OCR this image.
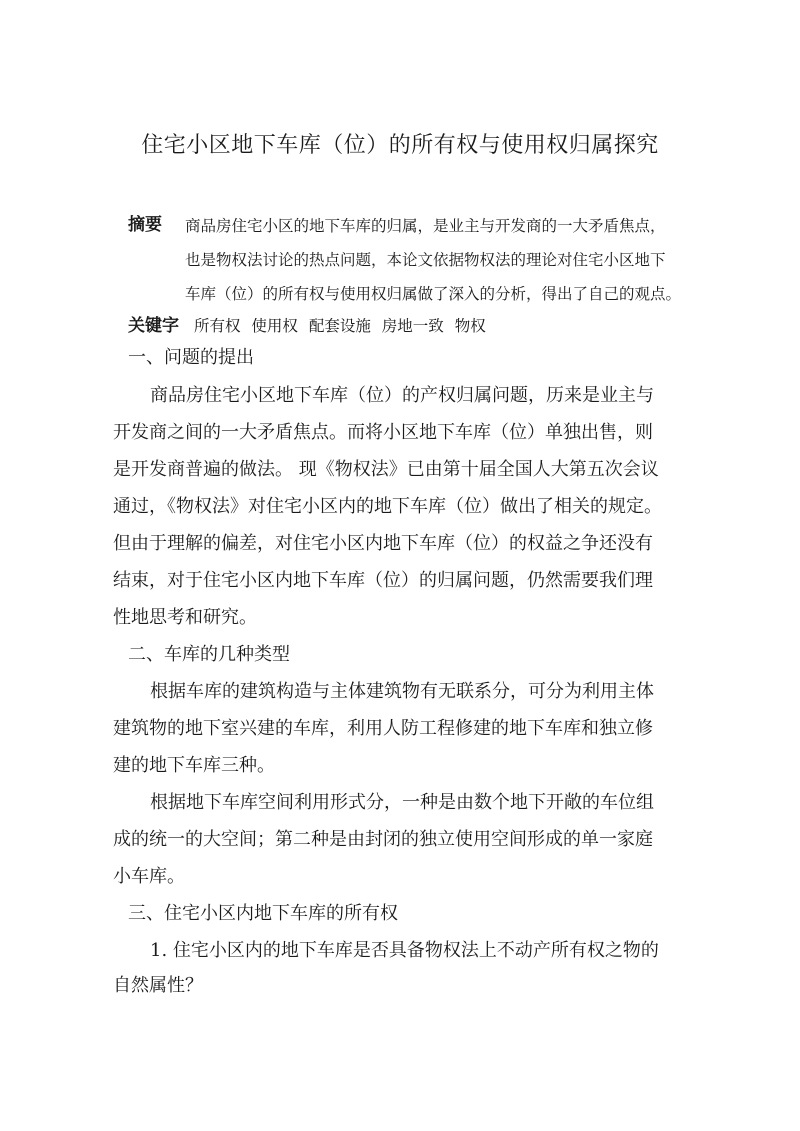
住宅小区地下车库（位）的所有权与使用权归属探究
摘要 商品房住宅小区的地下车库的归属，是业主与开发商的一大矛盾焦点，
也是物权法讨论的热点问题，本论文依据物权法的理论对住宅小区地下
车库（位）的所有权与使用权归属做了深入的分析，得出了自己的观点。
关键字 所有权 使用权 配套设施 房地一致 物权
一、问题的提出
商品房住宅小区地下车库（位）的产权归属问题，历来是业主与
开发商之间的一大矛盾焦点。而将小区地下车库（位）单独出售，则
是开发商普遍的做法。 现《物权法》已由第十届全国人大第五次会议
通过，《物权法》对住宅小区内的地下车库（位）做出了相关的规定。
但由于理解的偏差，对住宅小区内地下车库（位）的权益之争还没有
结束，对于住宅小区内地下车库（位）的归属问题，仍然需要我们理
性地思考和研究。
二、车库的几种类型
根据车库的建筑构造与主体建筑物有无联系分，可分为利用主体
建筑物的地下室兴建的车库，利用人防工程修建的地下车库和独立修
建的地下车库三种。
根据地下车库空间利用形式分，一种是由数个地下开敞的车位组
成的统一的大空间；第二种是由封闭的独立使用空间形成的单一家庭
小车库。
三、住宅小区内地下车库的所有权
1. 住宅小区内的地下车库是否具备物权法上不动产所有权之物的
自然属性？
